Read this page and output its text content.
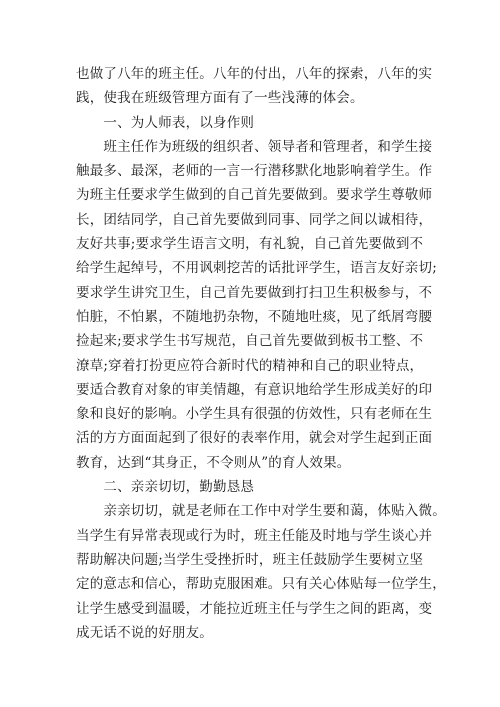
也做了八年的班主任。八年的付出，八年的探索，八年的实
践，使我在班级管理方面有了一些浅薄的体会。
　　一、为人师表，以身作则
　　班主任作为班级的组织者、领导者和管理者，和学生接
触最多、最深，老师的一言一行潜移默化地影响着学生。作
为班主任要求学生做到的自己首先要做到。要求学生尊敬师
长，团结同学，自己首先要做到同事、同学之间以诚相待，
友好共事;要求学生语言文明，有礼貌，自己首先要做到不
给学生起绰号，不用讽刺挖苦的话批评学生，语言友好亲切;
要求学生讲究卫生，自己首先要做到打扫卫生积极参与，不
怕脏，不怕累，不随地扔杂物，不随地吐痰，见了纸屑弯腰
捡起来;要求学生书写规范，自己首先要做到板书工整、不
潦草;穿着打扮更应符合新时代的精神和自己的职业特点，
要适合教育对象的审美情趣，有意识地给学生形成美好的印
象和良好的影响。小学生具有很强的仿效性，只有老师在生
活的方方面面起到了很好的表率作用，就会对学生起到正面
教育，达到“其身正，不令则从”的育人效果。
　　二、亲亲切切，勤勤恳恳
　　亲亲切切，就是老师在工作中对学生要和蔼，体贴入微。
当学生有异常表现或行为时，班主任能及时地与学生谈心并
帮助解决问题;当学生受挫折时，班主任鼓励学生要树立坚
定的意志和信心，帮助克服困难。只有关心体贴每一位学生，
让学生感受到温暖，才能拉近班主任与学生之间的距离，变
成无话不说的好朋友。
